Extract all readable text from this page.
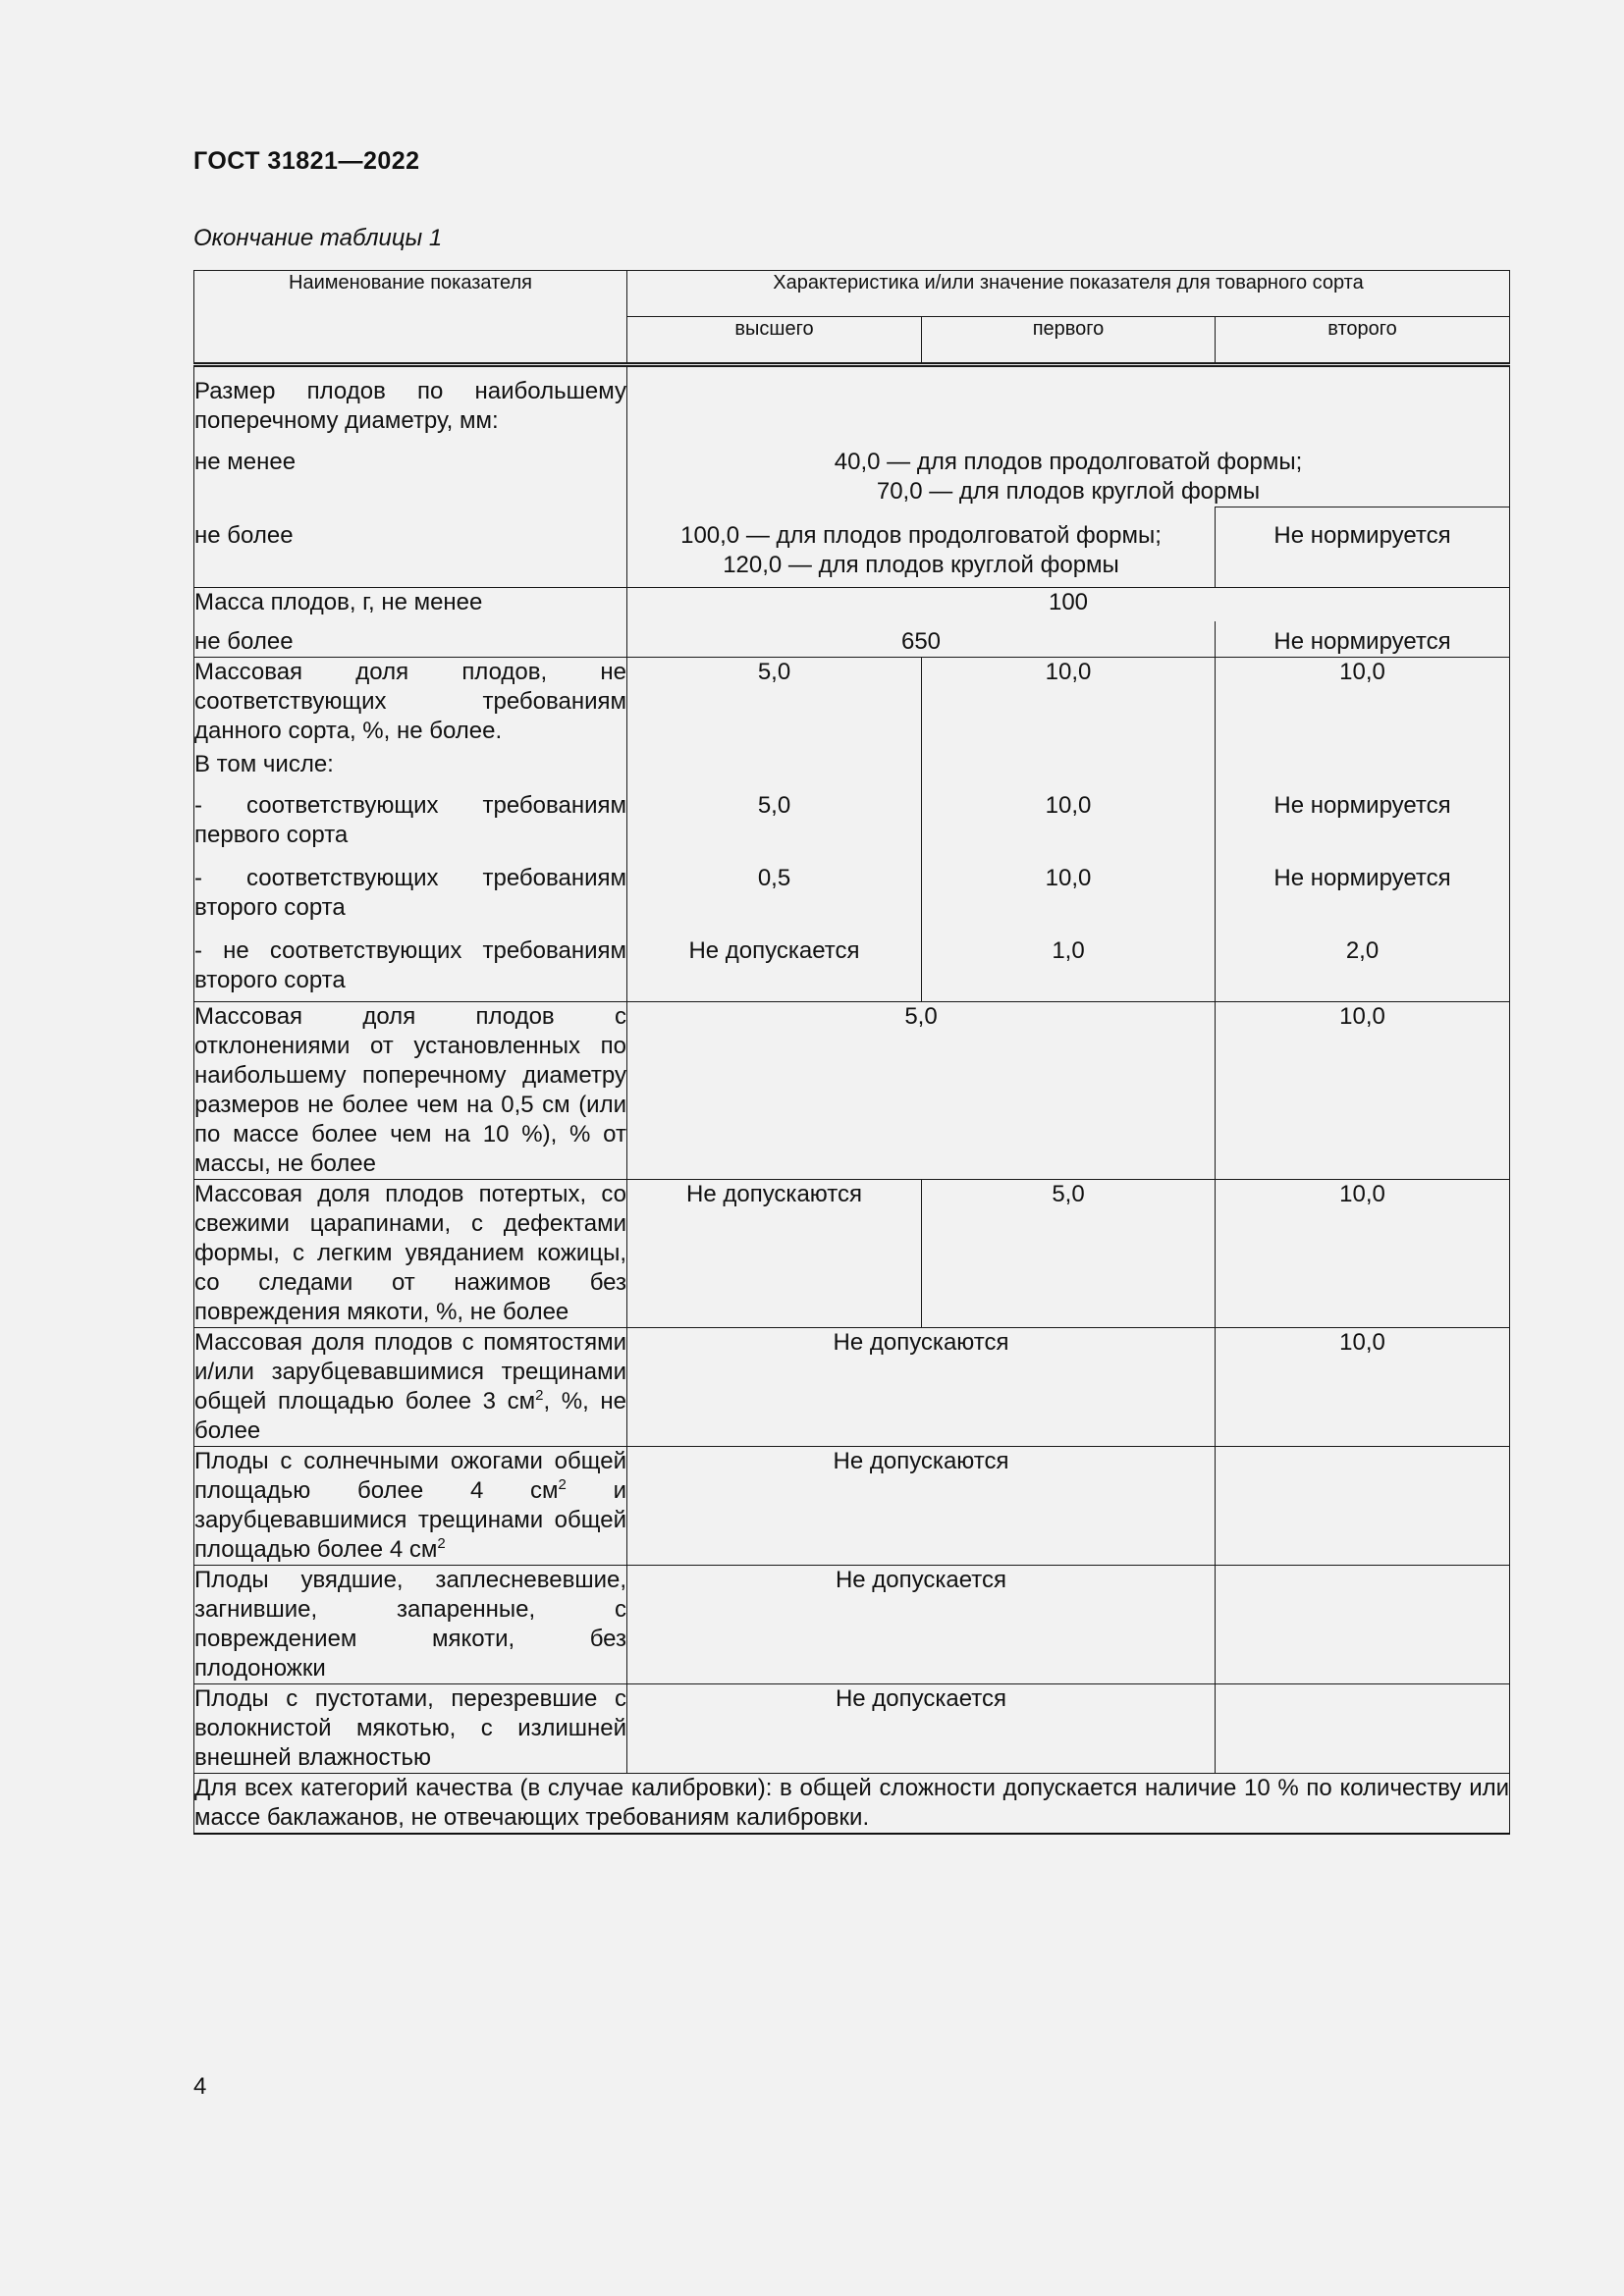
ГОСТ 31821—2022
Окончание таблицы 1
Наименование показателя	Характеристика и/или значение показателя для товарного сорта		
	высшего	первого	второго
Размер плодов по наибольшему поперечному диаметру, мм:			
не менее	40,0 — для плодов продолговатой формы;
70,0 — для плодов круглой формы		

не более	100,0 — для плодов продолговатой формы;
120,0 — для плодов круглой формы		Не нормируется
Масса плодов, г, не менее	100		
не более	650		Не нормируется
Массовая доля плодов, не соответствующих требованиям данного сорта, %, не более.	5,0	10,0	10,0
В том числе:			
- соответствующих требованиям первого сорта	5,0	10,0	Не нормируется
- соответствующих требованиям второго сорта	0,5	10,0	Не нормируется
- не соответствующих требованиям второго сорта	Не допускается	1,0	2,0
Массовая доля плодов с отклонениями от установленных по наибольшему поперечному диаметру размеров не более чем на 0,5 см (или по массе более чем на 10 %), % от массы, не более	5,0		10,0
Массовая доля плодов потертых, со свежими царапинами, с дефектами формы, с легким увяданием кожицы, со следами от нажимов без повреждения мякоти, %, не более	Не допускаются	5,0	10,0
Массовая доля плодов с помятостями и/или зарубцевавшимися трещинами общей площадью более 3 $см^2$, %, не более	Не допускаются		10,0
Плоды с солнечными ожогами общей площадью более 4 $см^2$ и зарубцевавшимися трещинами общей площадью более 4 $см^2$	Не допускаются		
Плоды увядшие, заплесневевшие, загнившие, запаренные, с повреждением мякоти, без плодоножки	Не допускается		
Плоды с пустотами, перезревшие с волокнистой мякотью, с излишней внешней влажностью	Не допускается		
Для всех категорий качества (в случае калибровки): в общей сложности допускается наличие 10 % по количеству или массе баклажанов, не отвечающих требованиям калибровки.			
4
